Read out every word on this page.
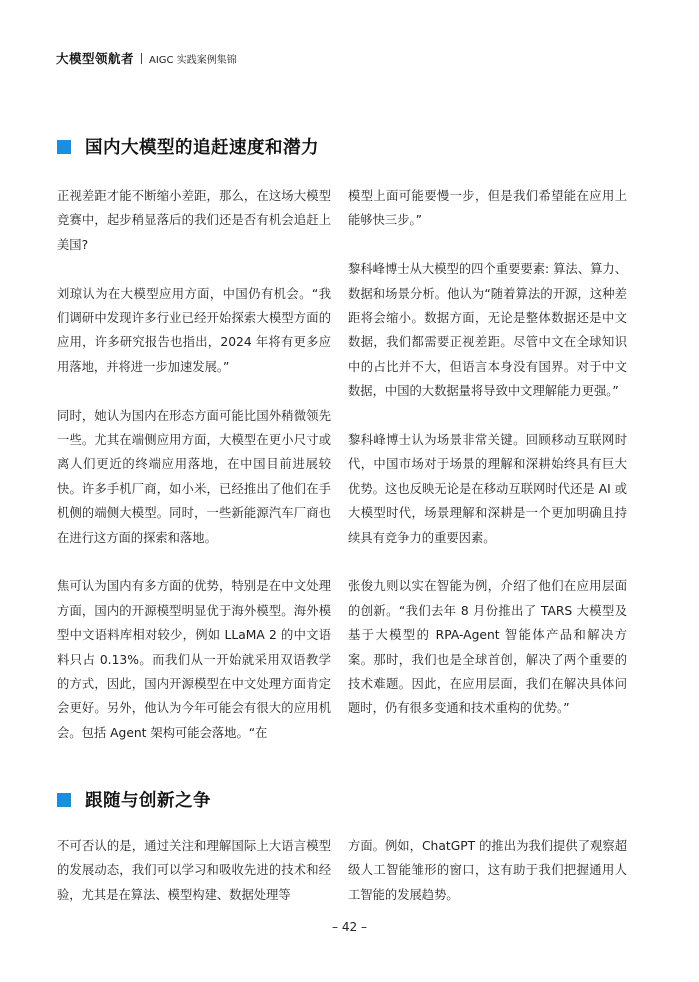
大模型领航者 AIGC 实践案例集锦
国内大模型的追赶速度和潜力

正视差距才能不断缩小差距，那么，在这场大模型竞赛中，起步稍显落后的我们还是否有机会追赶上美国?

刘琼认为在大模型应用方面，中国仍有机会。“我们调研中发现许多行业已经开始探索大模型方面的应用，许多研究报告也指出，2024 年将有更多应用落地，并将进一步加速发展。”

同时，她认为国内在形态方面可能比国外稍微领先一些。尤其在端侧应用方面，大模型在更小尺寸或离人们更近的终端应用落地，在中国目前进展较快。许多手机厂商，如小米，已经推出了他们在手机侧的端侧大模型。同时，一些新能源汽车厂商也在进行这方面的探索和落地。

焦可认为国内有多方面的优势，特别是在中文处理方面，国内的开源模型明显优于海外模型。海外模型中文语料库相对较少，例如 LLaMA 2 的中文语料只占 0.13%。而我们从一开始就采用双语教学的方式，因此，国内开源模型在中文处理方面肯定会更好。另外，他认为今年可能会有很大的应用机会。包括 Agent 架构可能会落地。“在

模型上面可能要慢一步，但是我们希望能在应用上能够快三步。”

黎科峰博士从大模型的四个重要要素: 算法、算力、数据和场景分析。他认为“随着算法的开源，这种差距将会缩小。数据方面，无论是整体数据还是中文数据，我们都需要正视差距。尽管中文在全球知识中的占比并不大，但语言本身没有国界。对于中文数据，中国的大数据量将导致中文理解能力更强。”

黎科峰博士认为场景非常关键。回顾移动互联网时代，中国市场对于场景的理解和深耕始终具有巨大优势。这也反映无论是在移动互联网时代还是 AI 或大模型时代，场景理解和深耕是一个更加明确且持续具有竞争力的重要因素。

张俊九则以实在智能为例，介绍了他们在应用层面的创新。“我们去年 8 月份推出了 TARS 大模型及基于大模型的 RPA-Agent 智能体产品和解决方案。那时，我们也是全球首创，解决了两个重要的技术难题。因此，在应用层面，我们在解决具体问题时，仍有很多变通和技术重构的优势。”

跟随与创新之争

不可否认的是，通过关注和理解国际上大语言模型的发展动态，我们可以学习和吸收先进的技术和经验，尤其是在算法、模型构建、数据处理等

方面。例如，ChatGPT 的推出为我们提供了观察超级人工智能雏形的窗口，这有助于我们把握通用人工智能的发展趋势。

– 42 –
